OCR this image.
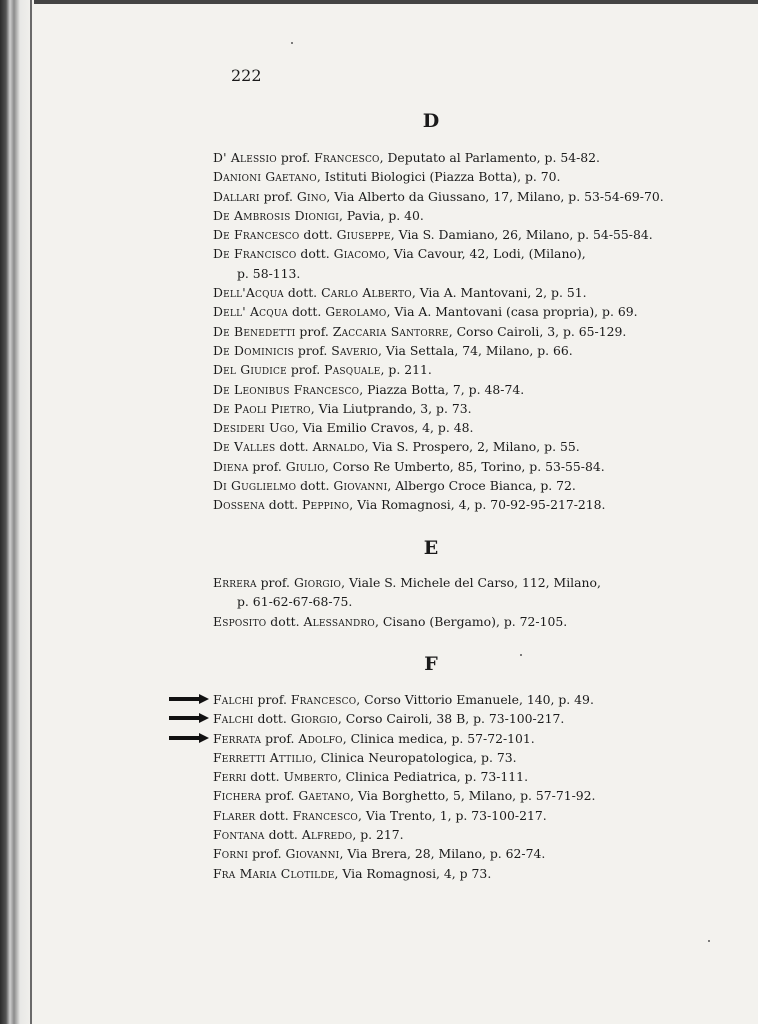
222
D
D' Alessio prof. Francesco, Deputato al Parlamento, p. 54-82.
Danioni Gaetano, Istituti Biologici (Piazza Botta), p. 70.
Dallari prof. Gino, Via Alberto da Giussano, 17, Milano, p. 53-54-69-70.
De Ambrosis Dionigi, Pavia, p. 40.
De Francesco dott. Giuseppe, Via S. Damiano, 26, Milano, p. 54-55-84.
De Francisco dott. Giacomo, Via Cavour, 42, Lodi, (Milano),
p. 58-113.
Dell'Acqua dott. Carlo Alberto, Via A. Mantovani, 2, p. 51.
Dell' Acqua dott. Gerolamo, Via A. Mantovani (casa propria), p. 69.
De Benedetti prof. Zaccaria Santorre, Corso Cairoli, 3, p. 65-129.
De Dominicis prof. Saverio, Via Settala, 74, Milano, p. 66.
Del Giudice prof. Pasquale, p. 211.
De Leonibus Francesco, Piazza Botta, 7, p. 48-74.
De Paoli Pietro, Via Liutprando, 3, p. 73.
Desideri Ugo, Via Emilio Cravos, 4, p. 48.
De Valles dott. Arnaldo, Via S. Prospero, 2, Milano, p. 55.
Diena prof. Giulio, Corso Re Umberto, 85, Torino, p. 53-55-84.
Di Guglielmo dott. Giovanni, Albergo Croce Bianca, p. 72.
Dossena dott. Peppino, Via Romagnosi, 4, p. 70-92-95-217-218.
E
Errera prof. Giorgio, Viale S. Michele del Carso, 112, Milano,
p. 61-62-67-68-75.
Esposito dott. Alessandro, Cisano (Bergamo), p. 72-105.
F
Falchi prof. Francesco, Corso Vittorio Emanuele, 140, p. 49.
Falchi dott. Giorgio, Corso Cairoli, 38 B, p. 73-100-217.
Ferrata prof. Adolfo, Clinica medica, p. 57-72-101.
Ferretti Attilio, Clinica Neuropatologica, p. 73.
Ferri dott. Umberto, Clinica Pediatrica, p. 73-111.
Fichera prof. Gaetano, Via Borghetto, 5, Milano, p. 57-71-92.
Flarer dott. Francesco, Via Trento, 1, p. 73-100-217.
Fontana dott. Alfredo, p. 217.
Forni prof. Giovanni, Via Brera, 28, Milano, p. 62-74.
Fra Maria Clotilde, Via Romagnosi, 4, p 73.
